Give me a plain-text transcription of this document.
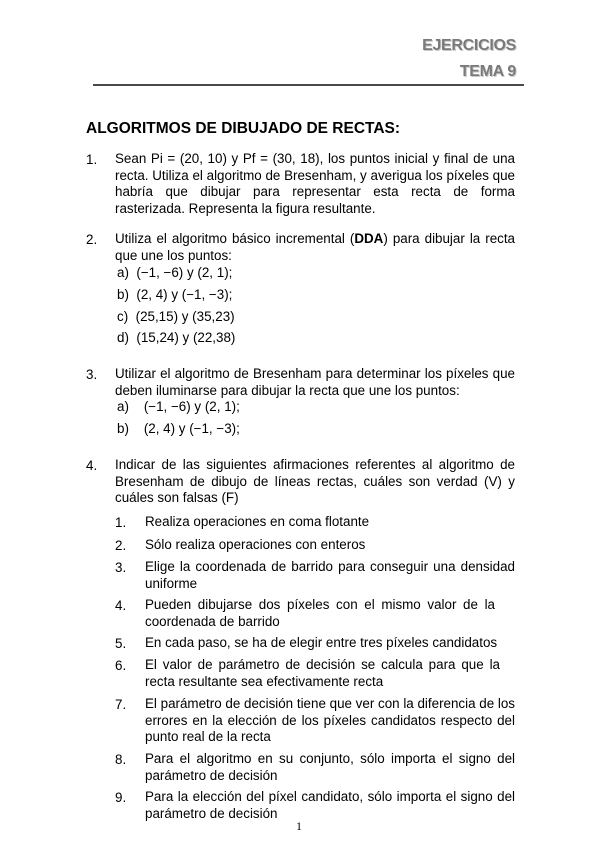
EJERCICIOS
TEMA 9
ALGORITMOS DE DIBUJADO DE RECTAS:
1. Sean Pi = (20, 10) y Pf = (30, 18), los puntos inicial y final de una recta. Utiliza el algoritmo de Bresenham, y averigua los píxeles que habría que dibujar para representar esta recta de forma rasterizada. Representa la figura resultante.
2. Utiliza el algoritmo básico incremental (DDA) para dibujar la recta que une los puntos:
a) (−1, −6) y (2, 1);
b) (2, 4) y (−1, −3);
c) (25,15) y (35,23)
d) (15,24) y (22,38)
3. Utilizar el algoritmo de Bresenham para determinar los píxeles que deben iluminarse para dibujar la recta que une los puntos:
a) (−1, −6) y (2, 1);
b) (2, 4) y (−1, −3);
4. Indicar de las siguientes afirmaciones referentes al algoritmo de Bresenham de dibujo de líneas rectas, cuáles son verdad (V) y cuáles son falsas (F)
1. Realiza operaciones en coma flotante
2. Sólo realiza operaciones con enteros
3. Elige la coordenada de barrido para conseguir una densidad uniforme
4. Pueden dibujarse dos píxeles con el mismo valor de la coordenada de barrido
5. En cada paso, se ha de elegir entre tres píxeles candidatos
6. El valor de parámetro de decisión se calcula para que la recta resultante sea efectivamente recta
7. El parámetro de decisión tiene que ver con la diferencia de los errores en la elección de los píxeles candidatos respecto del punto real de la recta
8. Para el algoritmo en su conjunto, sólo importa el signo del parámetro de decisión
9. Para la elección del píxel candidato, sólo importa el signo del parámetro de decisión
1
